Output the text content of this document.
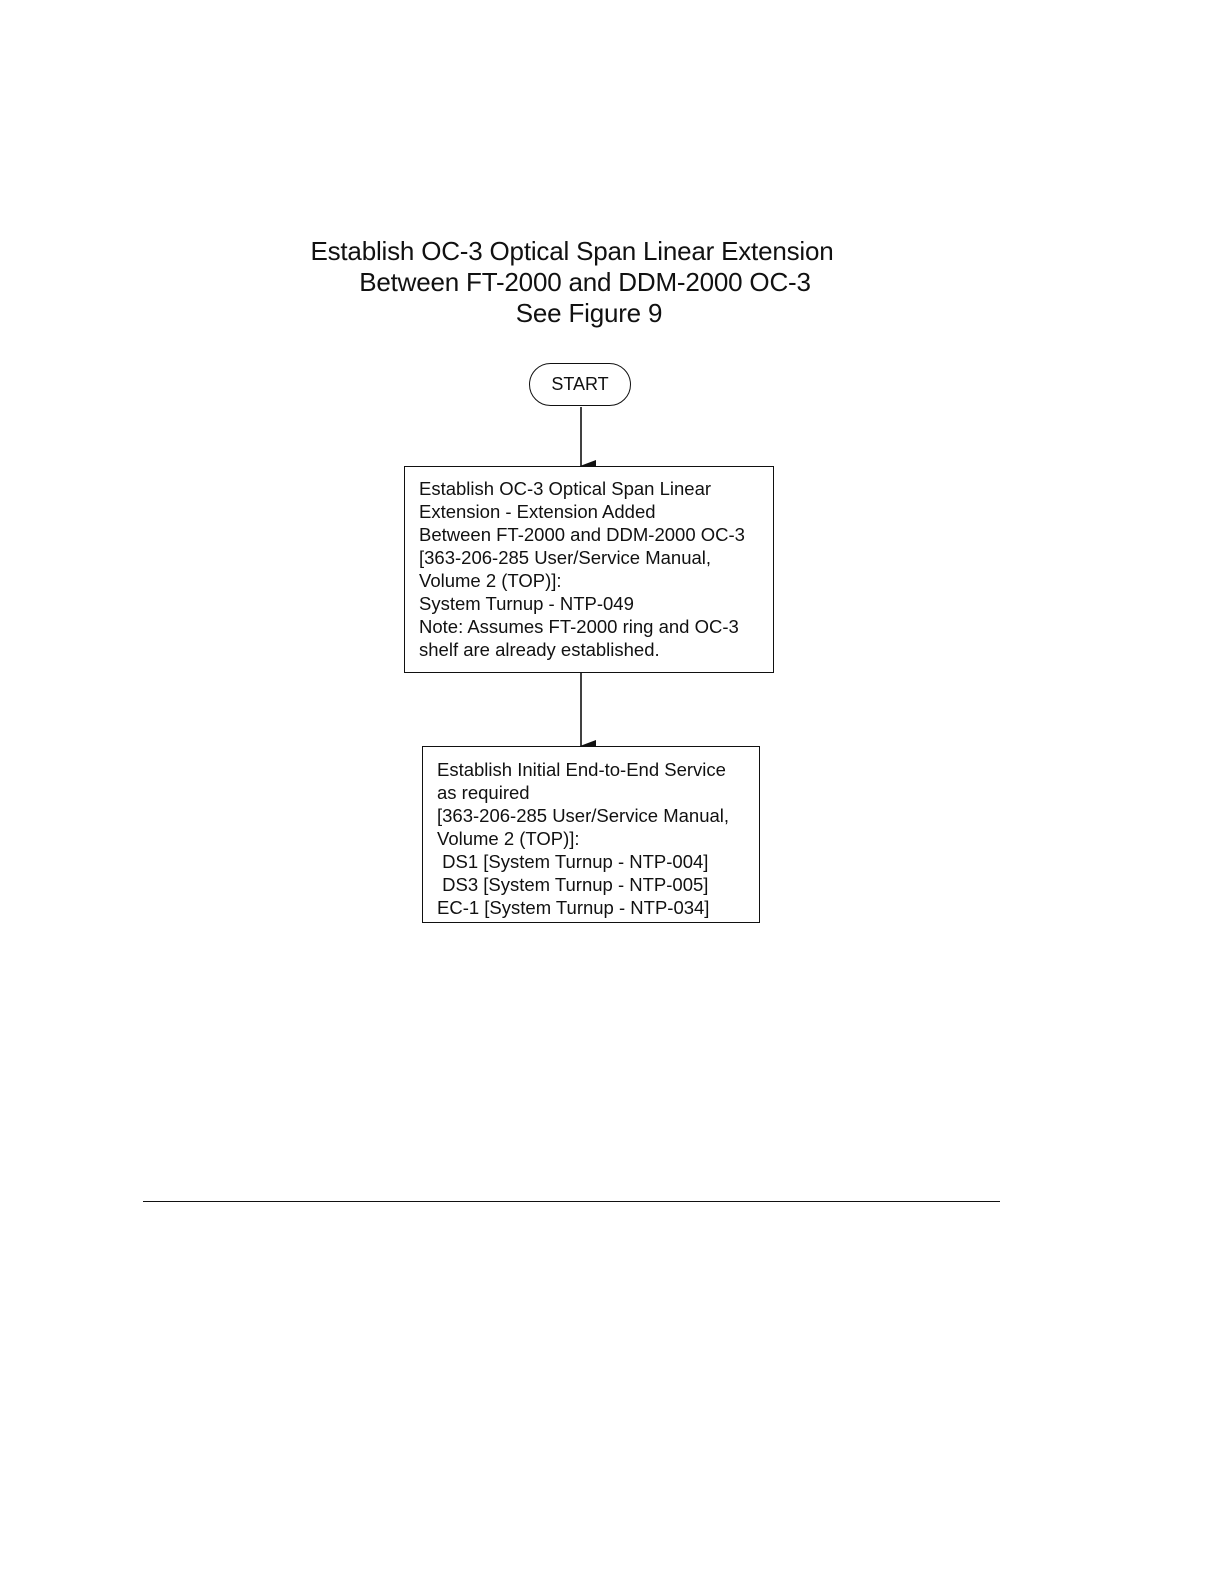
Establish OC-3 Optical Span Linear Extension
Between FT-2000 and DDM-2000 OC-3
See Figure 9
START
Establish OC-3 Optical Span Linear
Extension - Extension Added
Between FT-2000 and DDM-2000 OC-3
[363-206-285 User/Service Manual,
Volume 2 (TOP)]:
System Turnup - NTP-049
Note: Assumes FT-2000 ring and OC-3
shelf are already established.
Establish Initial End-to-End Service
as required
[363-206-285 User/Service Manual,
Volume 2 (TOP)]:
DS1 [System Turnup - NTP-004]
DS3 [System Turnup - NTP-005]
EC-1 [System Turnup - NTP-034]
